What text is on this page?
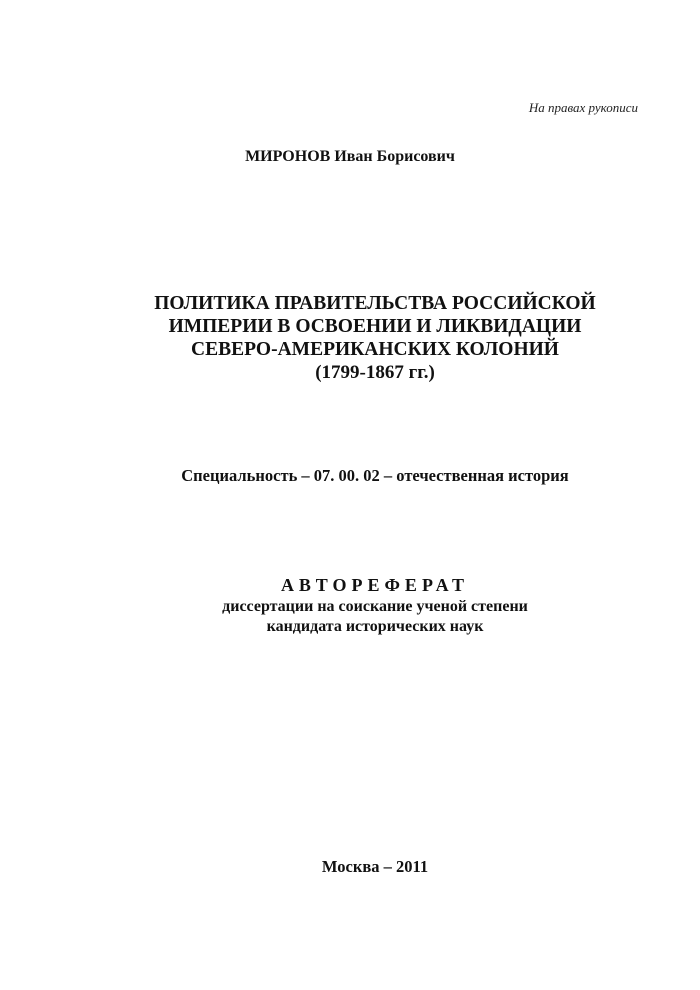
На правах рукописи
МИРОНОВ Иван Борисович
ПОЛИТИКА ПРАВИТЕЛЬСТВА РОССИЙСКОЙ
ИМПЕРИИ В ОСВОЕНИИ И ЛИКВИДАЦИИ
СЕВЕРО-АМЕРИКАНСКИХ КОЛОНИЙ
(1799-1867 гг.)
Специальность – 07. 00. 02 – отечественная история
АВТОРЕФЕРАТ
диссертации на соискание ученой степени
кандидата исторических наук
Москва – 2011
